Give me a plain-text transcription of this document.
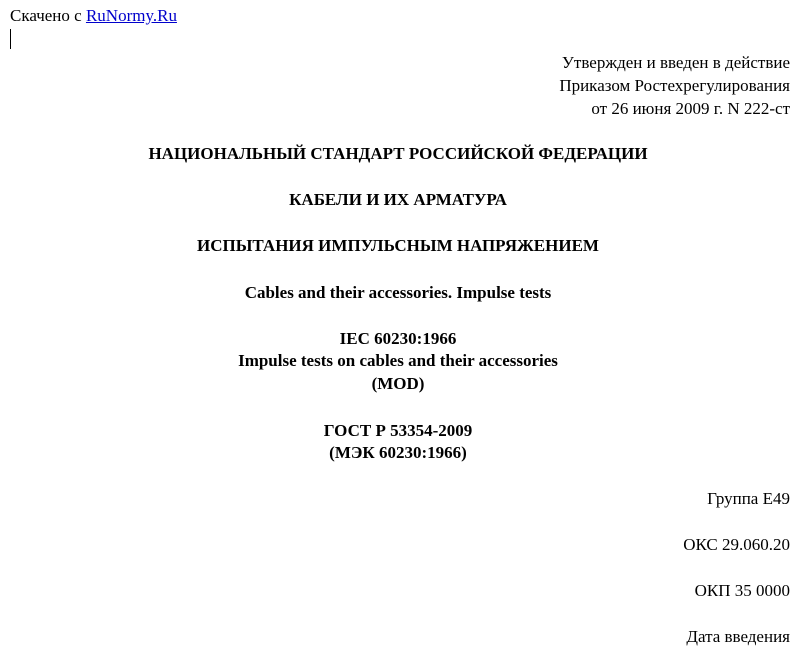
Скачено с RuNormy.Ru
Утвержден и введен в действие
Приказом Ростехрегулирования
от 26 июня 2009 г. N 222-ст
НАЦИОНАЛЬНЫЙ СТАНДАРТ РОССИЙСКОЙ ФЕДЕРАЦИИ
КАБЕЛИ И ИХ АРМАТУРА
ИСПЫТАНИЯ ИМПУЛЬСНЫМ НАПРЯЖЕНИЕМ
Cables and their accessories. Impulse tests
IEC 60230:1966
Impulse tests on cables and their accessories
(MOD)
ГОСТ Р 53354-2009
(МЭК 60230:1966)
Группа Е49
ОКС 29.060.20
ОКП 35 0000
Дата введения
